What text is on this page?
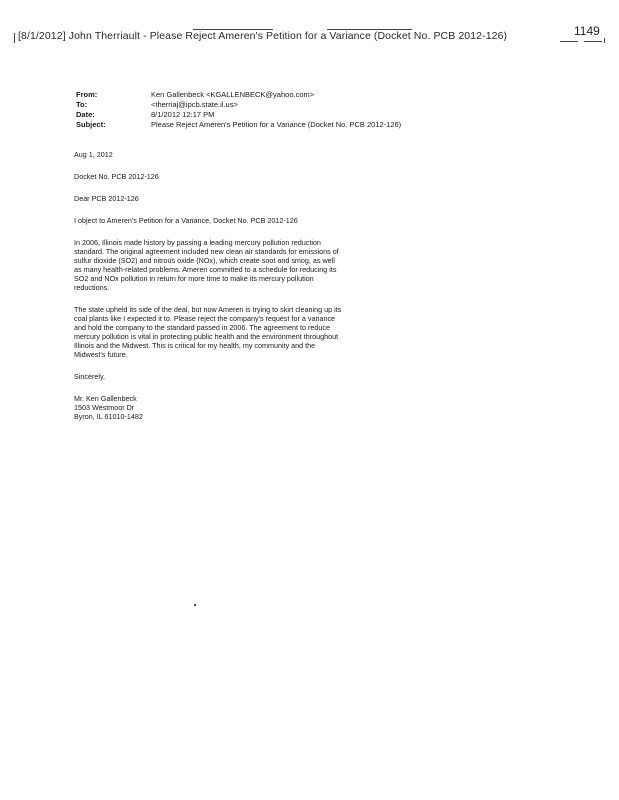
[8/1/2012] John Therriault - Please Reject Ameren's Petition for a Variance (Docket No. PCB 2012-126)	1149
From:	Ken Gallenbeck <KGALLENBECK@yahoo.com>
To:	<therriaj@ipcb.state.il.us>
Date:	8/1/2012 12:17 PM
Subject:	Please Reject Ameren's Petition for a Variance (Docket No. PCB 2012-126)

Aug 1, 2012

Docket No. PCB 2012-126

Dear PCB 2012-126

I object to Ameren's Petition for a Variance, Docket No. PCB 2012-126

In 2006, Illinois made history by passing a leading mercury pollution reduction standard. The original agreement included new clean air standards for emissions of sulfur dioxide (SO2) and nitrous oxide (NOx), which create soot and smog, as well as many health-related problems. Ameren committed to a schedule for reducing its SO2 and NOx pollution in return for more time to make its mercury pollution reductions.

The state upheld its side of the deal, but now Ameren is trying to skirt cleaning up its coal plants like I expected it to. Please reject the company's request for a variance and hold the company to the standard passed in 2006. The agreement to reduce mercury pollution is vital in protecting public health and the environment throughout Illinois and the Midwest. This is critical for my health, my community and the Midwest's future.

Sincerely,

Mr. Ken Gallenbeck

1503 Westmoor Dr

Byron, IL 61010-1482
